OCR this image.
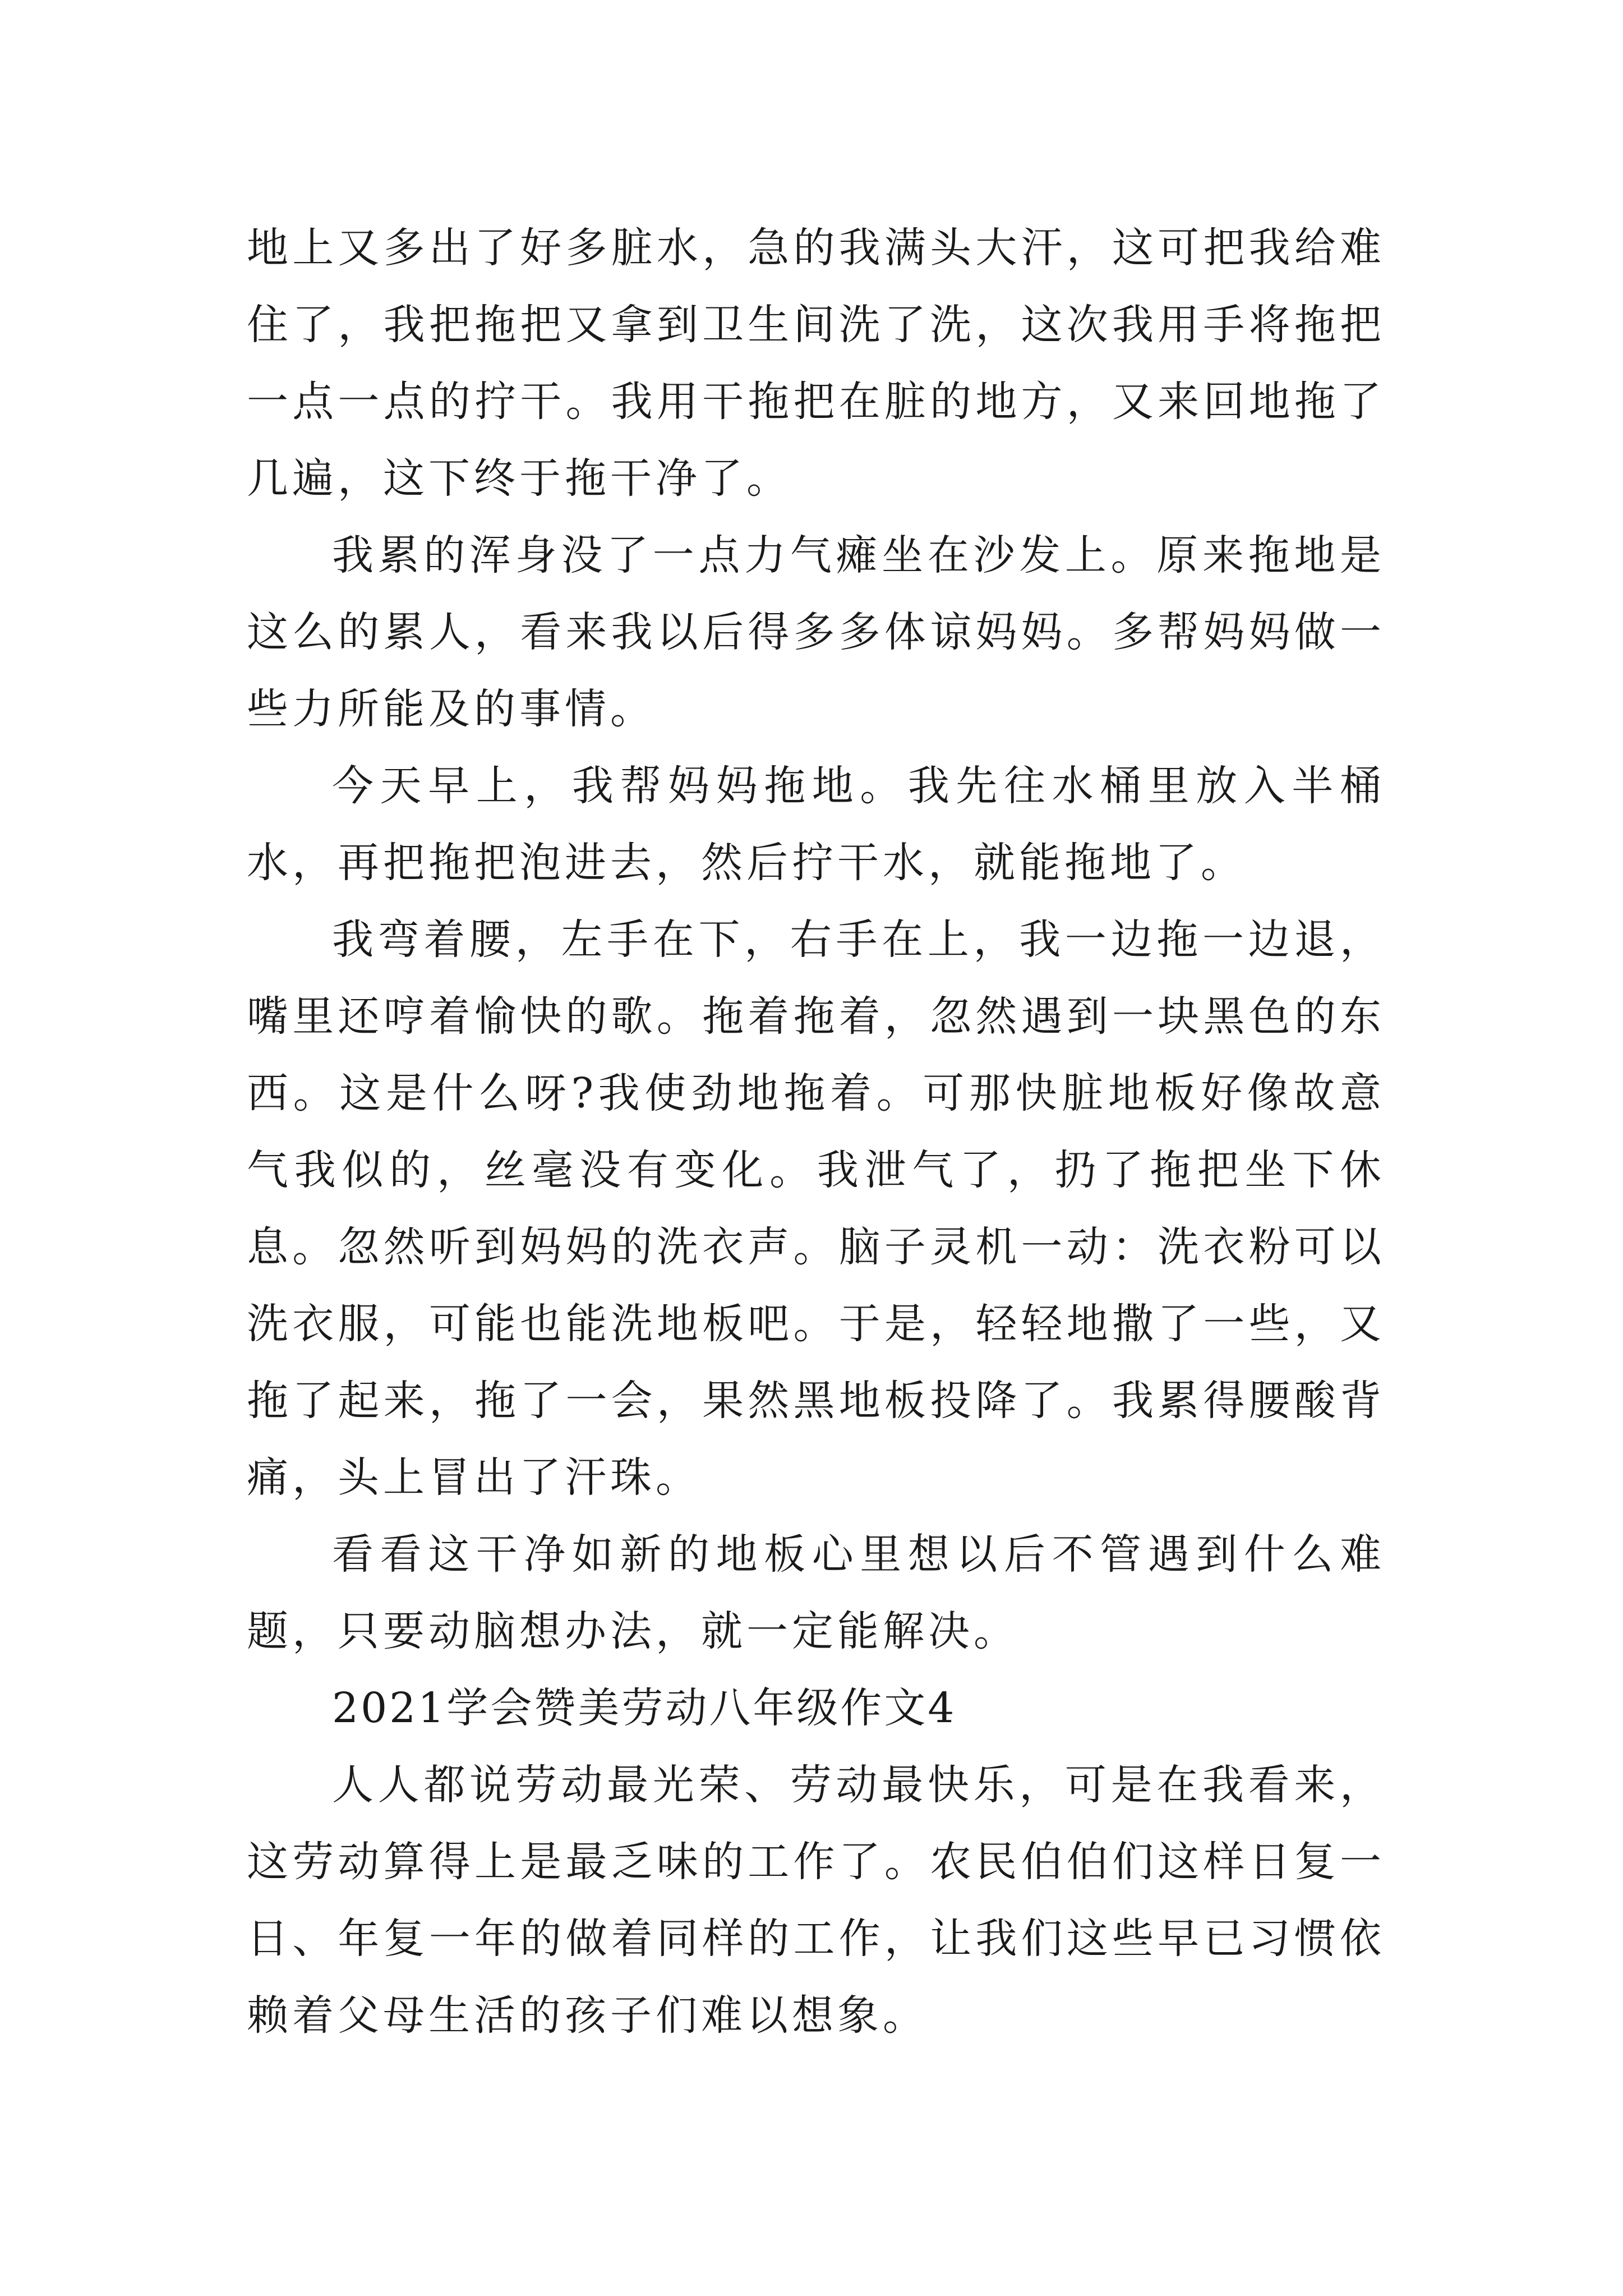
地上又多出了好多脏水，急的我满头大汗，这可把我给难住了，我把拖把又拿到卫生间洗了洗，这次我用手将拖把一点一点的拧干。我用干拖把在脏的地方，又来回地拖了几遍，这下终于拖干净了。

我累的浑身没了一点力气瘫坐在沙发上。原来拖地是这么的累人，看来我以后得多多体谅妈妈。多帮妈妈做一些力所能及的事情。

今天早上，我帮妈妈拖地。我先往水桶里放入半桶水，再把拖把泡进去，然后拧干水，就能拖地了。

我弯着腰，左手在下，右手在上，我一边拖一边退，嘴里还哼着愉快的歌。拖着拖着，忽然遇到一块黑色的东西。这是什么呀?我使劲地拖着。可那快脏地板好像故意气我似的，丝毫没有变化。我泄气了，扔了拖把坐下休息。忽然听到妈妈的洗衣声。脑子灵机一动：洗衣粉可以洗衣服，可能也能洗地板吧。于是，轻轻地撒了一些，又拖了起来，拖了一会，果然黑地板投降了。我累得腰酸背痛，头上冒出了汗珠。

看看这干净如新的地板心里想以后不管遇到什么难题，只要动脑想办法，就一定能解决。

2021学会赞美劳动八年级作文4

人人都说劳动最光荣、劳动最快乐，可是在我看来，这劳动算得上是最乏味的工作了。农民伯伯们这样日复一日、年复一年的做着同样的工作，让我们这些早已习惯依赖着父母生活的孩子们难以想象。
